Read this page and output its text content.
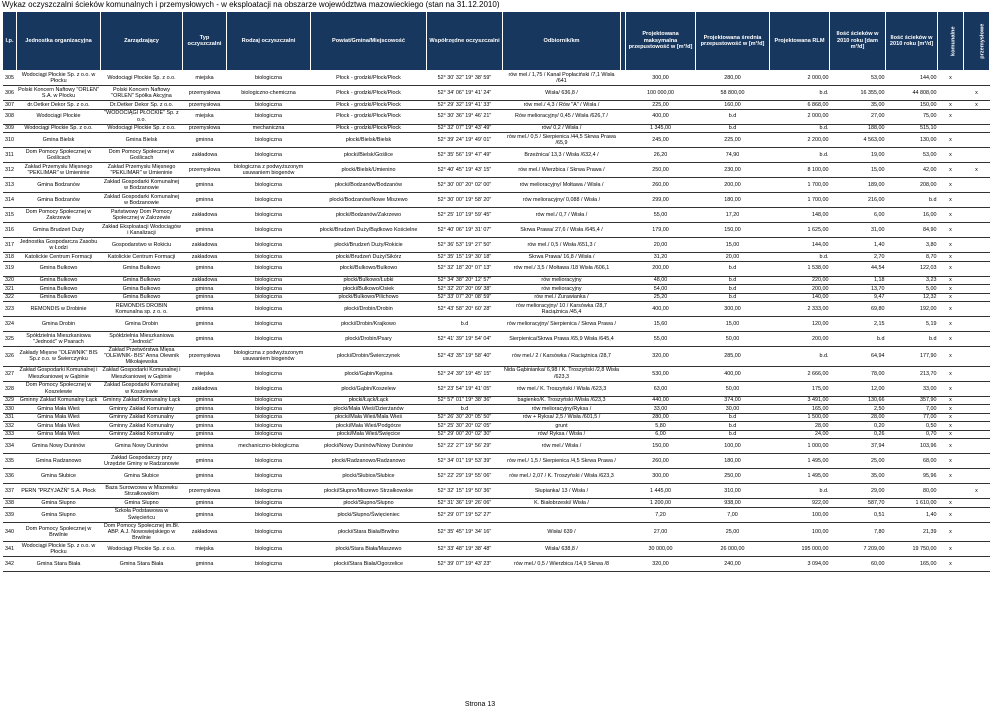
Wykaz oczyszczalni ścieków komunalnych i przemysłowych - w eksploatacji na obszarze województwa mazowieckiego (stan na 31.12.2010)
l.p.	Jednostka organizacyjna	Zarządzający	Typ oczyszczalni	Rodzaj oczyszczalni	Powiat/Gmina/Miejscowość	Współrzędne oczyszczalni	Odbiornik/km		Projektowana maksymalna przepustowość w [m³/d]	Projektowana średnia przepustowość w [m³/d]	Projektowana RLM	Ilość ścieków w 2010 roku [dam m³/d]	Ilość ścieków w 2010 roku [m³/d]	komunalne	przemysłowe
305	Wodociągi Płockie Sp. z o.o. w Płocku	Wodociągi Płockie Sp. z o.o.	miejska	biologiczna	Płock - grodzki/Płock/Płock	52° 30' 32" 19° 38' 59"	rów mel./ 1,75 / Kanał Popłaciński /7,1 Wisła /641		300,00	280,00	2 000,00	53,00	144,00	x	
306	Polski Koncern Naftowy "ORLEN" S.A. w Płocku	Polski Koncern Naftowy "ORLEN" Spółka Akcyjna	przemysłowa	biologiczno-chemiczna	Płock - grodzki/Płock/Płock	52° 34' 06" 19° 41' 24"	Wisła/ 636,8 /		100 000,00	58 800,00	b.d.	16 355,00	44 808,00		x
307	dr.Oetker Dekor Sp. z o.o.	Dr.Oetker Dekor Sp. z o.o.	przemysłowa	biologiczna	Płock - grodzki/Płock/Płock	52° 29' 32" 19° 41' 33"	rów mel./ 4,3 / Rów "A" / Wisła /		225,00	160,00	6 868,00	35,00	150,00	x	x
308	Wodociągi Płockie	"WODOCIĄGI PŁOCKIE" Sp. z o.o.	miejska	biologiczna	Płock - grodzki/Płock/Płock	52° 30' 36" 19° 46' 21"	Rów melioracyjny/ 0,45 / Wisła /626,7 /		400,00	b.d	2 000,00	27,00	75,00	x	
309	Wodociągi Płockie Sp. z o.o.	Wodociągi Płockie Sp. z o.o.	przemysłowa	mechaniczna	Płock - grodzki/Płock/Płock	52° 32' 07" 19° 43' 49"	rów/ 0,2 / Wisła /		1 345,00	b.d	b.d.	188,00	515,10		
310	Gmina Bielsk	Gmina Bielsk	gminna	biologiczna	płocki/Bielsk/Bielsk	52° 39' 24" 19° 49' 01"	rów mel./ 0,5 / Sierpienica /44,5 Skrwa Prawa /65,9		245,00	225,00	2 200,00	4 563,00	130,00	x	
311	Dom Pomocy Społecznej w Goślicach	Dom Pomocy Społecznej w Goślicach	zakładowa	biologiczna	płocki/Bielsk/Goślice	52° 35' 56" 19° 47' 49"	Brzeźnica/ 13,3 / Wisła /632,4 /		26,20	74,90	b.d.	19,00	53,00	x	
312	Zakład Przemysłu Mięsnego "PEKLIMAR" w Umieninie	Zakład Przemysłu Mięsnego "PEKLIMAR" w Umieninie	przemysłowa	biologiczna z podwyższonym usuwaniem biogenów	płocki/Bielsk/Umienino	52° 40' 45" 19° 43' 15"	rów mel./ Wierzbica / Skrwa Prawa /		250,00	230,00	8 100,00	15,00	42,00	x	x
313	Gmina Bodzanów	Zakład Gospodarki Komunalnej w Bodzanowie	gminna	biologiczna	płocki/Bodzanów/Bodzanów	52° 30' 00" 20° 02' 00"	rów melioracyjny/ Mołtawa / Wisła /		260,00	200,00	1 700,00	189,00	208,00	x	
314	Gmina Bodzanów	Zakład Gospodarki Komunalnej w Bodzanowie	gminna	biologiczna	płocki/Bodzanów/Nowe Miszewo	52° 30' 00" 19° 58' 20"	rów melioracyjny/ 0,088 / Wisła /		299,00	180,00	1 700,00	216,00	b.d	x	
315	Dom Pomocy Społecznej w Zakrzewie	Państwowy Dom Pomocy Społecznej w Zakrzewie	zakładowa	biologiczna	płocki/Bodzanów/Zakrzewo	52° 25' 10" 19° 59' 45"	rów mel./ 0,7 / Wisła /		55,00	17,20	148,00	6,00	16,00	x	
316	Gmina Brudzeń Duży	Zakład Eksploatacji Wodociągów i Kanalizacji	gminna	biologiczna	płocki/Brudzeń Duży/Bądkowo Kościelne	52° 40' 06" 19° 31' 07"	Skrwa Prawa/ 27,6 / Wisła /645,4 /		179,00	150,00	1 625,00	31,00	84,90	x	
317	Jednostka Gospodarcza Zasobu w Łodzi	Gospodarstwo w Rokiciu	zakładowa	biologiczna	płocki/Brudzeń Duży/Rokicie	52° 36' 53" 19° 27' 50"	rów mel./ 0,5 / Wisła /651,3 /		20,00	15,00	144,00	1,40	3,80	x	
318	Katolickie Centrum Formacji	Katolickie Centrum Formacji	zakładowa	biologiczna	płocki/Brudzeń Duży/Sikórz	52° 35' 15" 19° 30' 18"	Skrwa Prawa/ 16,8 / Wisła /		31,20	20,00	b.d.	2,70	8,70	x	
319	Gmina Bulkowo	Gmina Bulkowo	gminna	biologiczna	płocki/Bulkowo/Bulkowo	52° 32' 18" 20° 07' 13"	rów mel./ 3,5 / Mołtawa /18 Wisła /606,1		200,00	b.d	1 538,00	44,54	122,03	x	
320	Gmina Bulkowo	Gmina Bulkowo	zakładowa	biologiczna	płocki/Bulkowo/Łubki	52° 34' 38" 20° 12' 57"	rów melioracyjny		48,00	b.d	220,00	1,18	3,23	x	
321	Gmina Bulkowo	Gmina Bulkowo	gminna	biologiczna	płocki/Bulkowo/Osiek	52° 32' 20" 20° 09' 38"	rów melioracyjny		54,00	b.d	200,00	13,70	5,00	x	
322	Gmina Bulkowo	Gmina Bulkowo	gminna	biologiczna	płocki/Bulkowo/Pilichowo	52° 33' 07" 20° 08' 59"	rów mel./ Żurawianka /		25,20	b.d	140,00	9,47	12,32	x	
323	REMONDIS w Drobinie	REMONDIS DROBIN Komunalna sp. z o. o.	gminna	biologiczna	płocki/Drobin/Drobin	52° 43' 58" 20° 60' 28"	rów melioracyjny/ 10 / Karsówka /28,7 Raciążnica /45,4		400,00	300,00	2 333,00	69,80	192,00	x	
324	Gmina Drobin	Gmina Drobin	gminna	biologiczna	płocki/Drobin/Krajkowo	b.d	rów melioracyjny/ Sierpienica / Skrwa Prawa /		15,60	15,00	120,00	2,15	5,19	x	
325	Spółdzielnia Mieszkaniowa "Jedność" w Psarach	Spółdzielnia Mieszkaniowa "Jedność"	gminna	biologiczna	płocki/Drobin/Psary	52° 41' 39" 19° 54' 04"	Sierpienica/Skrwa Prawa /65,9 Wisła /645,4		55,00	50,00	200,00	b.d	b.d	x	
326	Zakłady Mięsne "OLEWNIK" BIS Sp.z o.o. w Świerczynku	Zakład Przetwórstwa Mięsa "OLEWNIK- BIS" Anna Olewnik Mikołajewska	przemysłowa	biologiczna z podwyższonym usuwaniem biogenów	płocki/Drobin/Świerczynek	52° 43' 35" 19° 58' 40"	rów mel./ 2 / Karsówka / Raciążnica /28,7		320,00	285,00	b.d.	64,94	177,90	x	
327	Zakład Gospodarki Komunalnej i Mieszkaniowej w Gąbinie	Zakład Gospodarki Komunalnej i Mieszkaniowej w Gąbinie	miejska	biologiczna	płocki/Gąbin/Kępina	52° 24' 39" 19° 45' 15"	Nida Gąbinianka/ 6,98 / K. Troszyński /2,8 Wisła /623,3		530,00	400,00	2 666,00	78,00	213,70	x	
328	Dom Pomocy Społecznej w Koszelewie	Zakład Gospodarki Komunalnej w Koszelewie	zakładowa	biologiczna	płocki/Gąbin/Koszelew	52° 23' 54" 19° 41' 05"	rów mel./ K. Troszyński / Wisła /623,3		63,00	50,00	175,00	12,00	33,00	x	
329	Gminny Zakład Komunalny Łąck	Gminny Zakład Komunalny Łąck	gminna	biologiczna	płocki/Łąck/Łąck	52° 57' 01" 19° 38' 36"	bagienko/K. Troszyński /Wisła /623,3		440,00	374,00	3 491,00	130,66	357,90	x	
330	Gmina Mała Wieś	Gminny Zakład Komunalny	gminna	biologiczna	płocki/Mała Wieś/Dzierżanów	b.d	rów melioracyjny/Ryksa /		33,00	30,00	165,00	2,50	7,00	x	
331	Gmina Mała Wieś	Gminny Zakład Komunalny	gminna	biologiczna	płocki/Mała Wieś/Mała Wieś	52° 26' 30" 20° 05' 50"	rów + Ryksa/ 2,5 / Wisła /601,5 /		280,00	b.d	1 500,00	28,00	77,00	x	
332	Gmina Mała Wieś	Gminny Zakład Komunalny	gminna	biologiczna	płocki/Mała Wieś/Podgórze	52° 25' 30" 20° 02' 05"	grunt		5,80	b.d	28,00	0,20	0,50	x	
333	Gmina Mała Wieś	Gminny Zakład Komunalny	gminna	biologiczna	płocki/Mała Wieś/Święcice	52° 29' 00" 20° 02' 30"	rów/ Ryksa / Wisła /		6,00	b.d	24,00	0,26	0,70	x	
334	Gmina Nowy Duninów	Gmina Nowy Duninów	gminna	mechaniczno-biologiczna	płocki/Nowy Duninów/Nowy Duninów	52° 22' 27" 19° 56' 29"	rów mel./ Wisła /		150,00	100,00	1 000,00	37,94	103,96	x	
335	Gmina Radzanowo	Zakład Gospodarczy przy Urzędzie Gminy w Radzanowie	gminna	biologiczna	płocki/Radzanowo/Radzanowo	52° 34' 01" 19° 53' 39"	rów mel./ 1,5 / Sierpienica /4,5 Skrwa Prawa /		260,00	180,00	1 495,00	25,00	68,00	x	
336	Gmina Słubice	Gmina Słubice	gminna	biologiczna	płocki/Słubice/Słubice	52° 22' 29" 19° 55' 06"	rów mel./ 2,07 / K. Troszyński / Wisła /623,3		300,00	250,00	1 495,00	35,00	95,96	x	
337	PERN "PRZYJAŹŃ" S.A. Płock	Baza Surowcowa w Miszewku Strzałkowskim	przemysłowa	biologiczna	płocki/Słupno/Miszewo Strzałkowskie	52° 32' 15" 19° 50' 36"	Słupianka/ 13 / Wisła /		1 445,00	310,00	b.d.	29,00	80,00		x
338	Gmina Słupno	Gmina Słupno	gminna	biologiczna	płocki/Słupno/Słupno	52° 31' 36" 19° 26' 06"	K. Białobrzeski/ Wisła /		1 200,00	938,00	922,00	587,70	1 610,00	x	
339	Gmina Słupno	Szkoła Podstawowa w Święcieńcu	gminna	biologiczna	płocki/Słupno/Święcieniec	52° 29' 07" 19° 52' 27"			7,20	7,00	100,00	0,51	1,40	x	
340	Dom Pomocy Społecznej w Brwilnie	Dom Pomocy Społecznej im.Bł. ABP. A.J. Nowowiejskiego w Brwilnie	zakładowa	biologiczna	płocki/Stara Biała/Brwilno	52° 35' 45" 19° 34' 16"	Wisła/ 639 /		27,00	25,00	100,00	7,80	21,39	x	
341	Wodociągi Płockie Sp. z o.o. w Płocku	Wodociągi Płockie Sp. z o.o.	miejska	biologiczna	płocki/Stara Biała/Maszewo	52° 33' 48" 19° 38' 48"	Wisła/ 638,8 /		30 000,00	26 000,00	195 000,00	7 209,00	19 750,00	x	
342	Gmina Stara Biała	Gmina Stara Biała	gminna	biologiczna	płocki/Stara Biała/Ogorzelice	52° 39' 07" 19° 43' 23"	rów mel./ 0,5 / Wierzbica /14,9 Skrwa /8		320,00	240,00	3 094,00	60,00	165,00	x	
Strona 13
